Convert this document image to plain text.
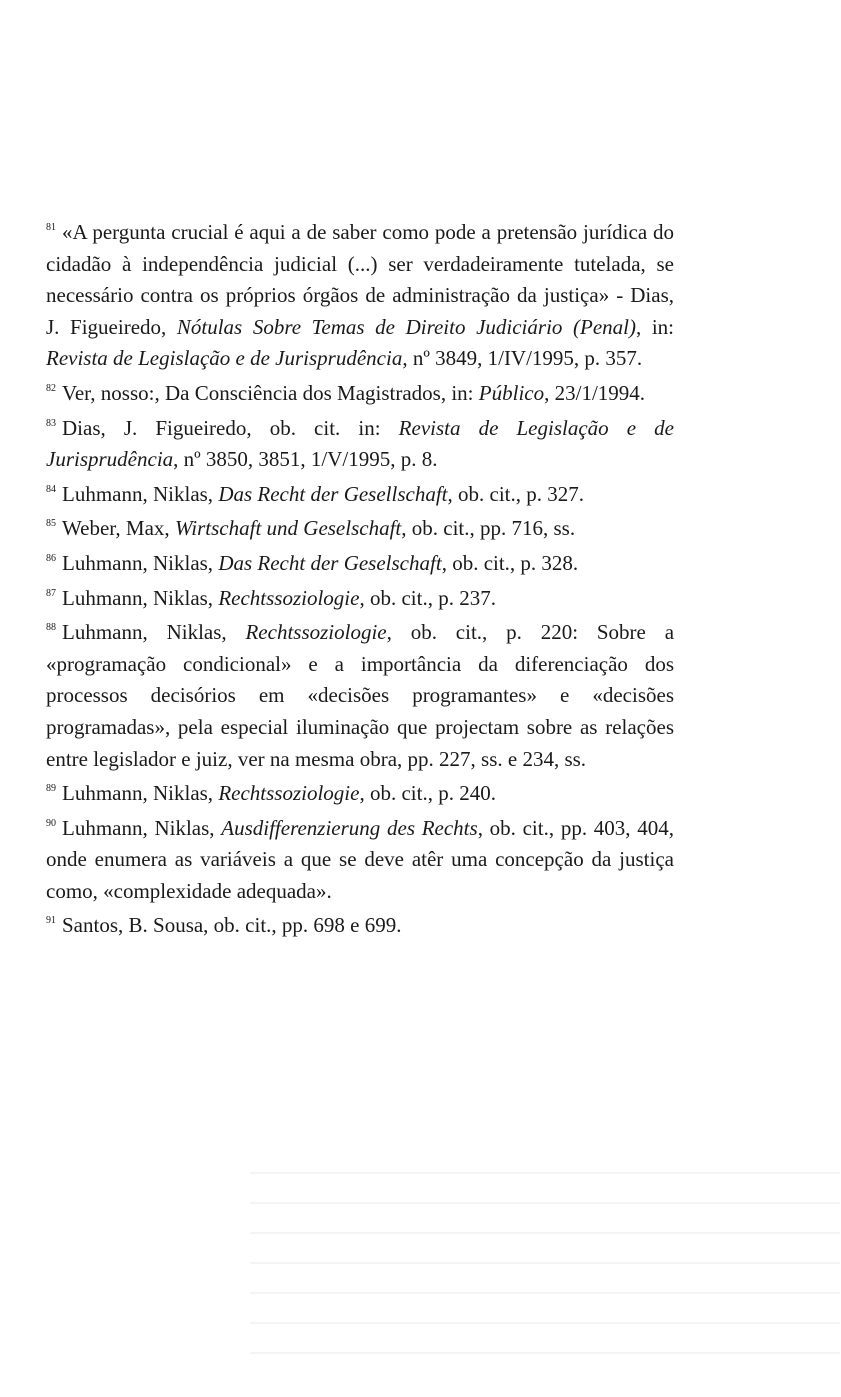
$^{81}$ «A pergunta crucial é aqui a de saber como pode a pretensão jurídica do cidadão à independência judicial (...) ser verdadeiramente tutelada, se necessário contra os próprios órgãos de administração da justiça» - Dias, J. Figueiredo, Nótulas Sobre Temas de Direito Judiciário (Penal), in: Revista de Legislação e de Jurisprudência, nº 3849, 1/IV/1995, p. 357.

$^{82}$ Ver, nosso:, Da Consciência dos Magistrados, in: Público, 23/1/1994.

$^{83}$ Dias, J. Figueiredo, ob. cit. in: Revista de Legislação e de Jurisprudência, nº 3850, 3851, 1/V/1995, p. 8.

$^{84}$ Luhmann, Niklas, Das Recht der Gesellschaft, ob. cit., p. 327.

$^{85}$ Weber, Max, Wirtschaft und Geselschaft, ob. cit., pp. 716, ss.

$^{86}$ Luhmann, Niklas, Das Recht der Geselschaft, ob. cit., p. 328.

$^{87}$ Luhmann, Niklas, Rechtssoziologie, ob. cit., p. 237.

$^{88}$ Luhmann, Niklas, Rechtssoziologie, ob. cit., p. 220: Sobre a «programação condicional» e a importância da diferenciação dos processos decisórios em «decisões programantes» e «decisões programadas», pela especial iluminação que projectam sobre as relações entre legislador e juiz, ver na mesma obra, pp. 227, ss. e 234, ss.

$^{89}$ Luhmann, Niklas, Rechtssoziologie, ob. cit., p. 240.

$^{90}$ Luhmann, Niklas, Ausdifferenzierung des Rechts, ob. cit., pp. 403, 404, onde enumera as variáveis a que se deve atêr uma concepção da justiça como, «complexidade adequada».

$^{91}$ Santos, B. Sousa, ob. cit., pp. 698 e 699.
